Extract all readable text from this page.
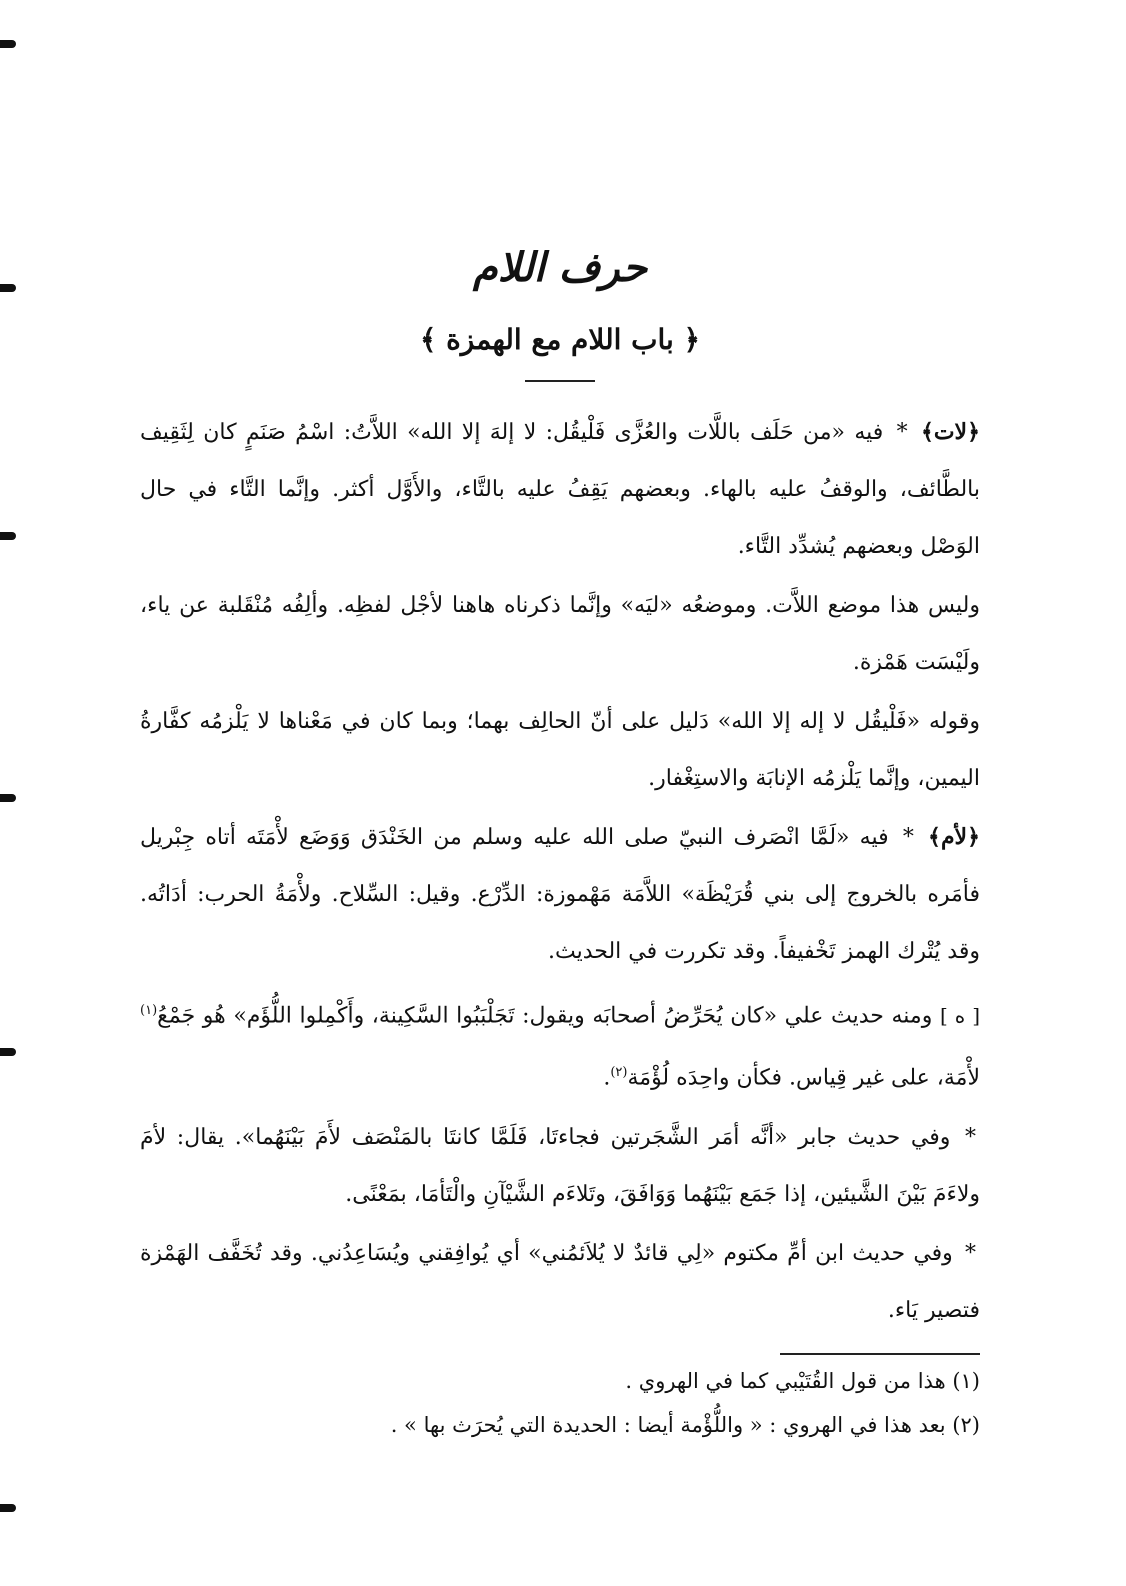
حرف اللام
﴿ باب اللام مع الهمزة ﴾

﴿لات﴾ * فيه «من حَلَف باللَّات والعُزَّى فَلْيقُل: لا إلهَ إلا الله» اللاَّتُ: اسْمُ صَنَمٍ كان لِثَقِيف بالطَّائف، والوقفُ عليه بالهاء. وبعضهم يَقِفُ عليه بالتَّاء، والأَوَّل أكثر. وإنَّما التَّاء في حال الوَصْل وبعضهم يُشدِّد التَّاء.

وليس هذا موضع اللاَّت. وموضعُه «ليَه» وإنَّما ذكرناه هاهنا لأجْل لفظِه. وألِفُه مُنْقَلبة عن ياء، ولَيْسَت هَمْزة.

وقوله «فَلْيقُل لا إله إلا الله» دَليل على أنّ الحالِف بهما؛ وبما كان في مَعْناها لا يَلْزمُه كفَّارةُ اليمين، وإنَّما يَلْزمُه الإنابَة والاستِغْفار.

﴿لأم﴾ * فيه «لَمَّا انْصَرف النبيّ صلى الله عليه وسلم من الخَنْدَق وَوَضَع لأْمَتَه أتاه جِبْريل فأمَره بالخروج إلى بني قُرَيْظَة» اللاَّمَة مَهْموزة: الدِّرْع. وقيل: السِّلاح. ولأْمَةُ الحرب: أدَاتُه. وقد يُتْرك الهمز تَخْفيفاً. وقد تكررت في الحديث.

[ ه ] ومنه حديث علي «كان يُحَرِّضُ أصحابَه ويقول: تَجَلْبَبُوا السَّكِينة، وأَكْمِلوا اللُّؤَم» هُو جَمْعُ$^{(١)}$ لأْمَة، على غير قِياس. فكأن واحِدَه لُؤْمَة$^{(٢)}$.

* وفي حديث جابر «أنَّه أمَر الشَّجَرتين فجاءتَا، فَلَمَّا كانتَا بالمَنْصَف لأَمَ بَيْنَهُما». يقال: لأمَ ولاءَمَ بَيْنَ الشَّيئين، إذا جَمَع بَيْنَهُما وَوَافَقَ، وتَلاءَم الشَّيْآنِ والْتَأمَا، بمَعْنًى.

* وفي حديث ابن أمِّ مكتوم «لِي قائدٌ لا يُلاَئمُني» أي يُوافِقني ويُسَاعِدُني. وقد تُخَفَّف الهَمْزة فتصير يَاء.

(١) هذا من قول القُتَيْبي كما في الهروي .

(٢) بعد هذا في الهروي : « واللُّؤْمة أيضا : الحديدة التي يُحرَث بها » .
